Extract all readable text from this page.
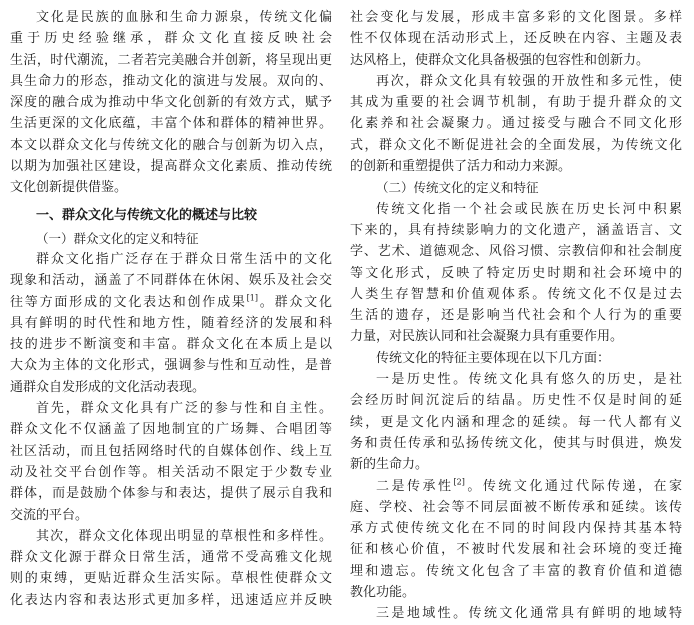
文化是民族的血脉和生命力源泉，传统文化偏
重于历史经验继承，群众文化直接反映社会
生活，时代潮流，二者若完美融合并创新，将呈现出更
具生命力的形态，推动文化的演进与发展。双向的、
深度的融合成为推动中华文化创新的有效方式，赋予
生活更深的文化底蕴，丰富个体和群体的精神世界。
本文以群众文化与传统文化的融合与创新为切入点，
以期为加强社区建设，提高群众文化素质、推动传统
文化创新提供借鉴。
一、群众文化与传统文化的概述与比较
（一）群众文化的定义和特征
群众文化指广泛存在于群众日常生活中的文化
现象和活动，涵盖了不同群体在休闲、娱乐及社会交
往等方面形成的文化表达和创作成果[1]。群众文化
具有鲜明的时代性和地方性，随着经济的发展和科
技的进步不断演变和丰富。群众文化在本质上是以
大众为主体的文化形式，强调参与性和互动性，是普
通群众自发形成的文化活动表现。
首先，群众文化具有广泛的参与性和自主性。
群众文化不仅涵盖了因地制宜的广场舞、合唱团等
社区活动，而且包括网络时代的自媒体创作、线上互
动及社交平台创作等。相关活动不限定于少数专业
群体，而是鼓励个体参与和表达，提供了展示自我和
交流的平台。
其次，群众文化体现出明显的草根性和多样性。
群众文化源于群众日常生活，通常不受高雅文化规
则的束缚，更贴近群众生活实际。草根性使群众文
化表达内容和表达形式更加多样，迅速适应并反映
社会变化与发展，形成丰富多彩的文化图景。多样
性不仅体现在活动形式上，还反映在内容、主题及表
达风格上，使群众文化具备极强的包容性和创新力。
再次，群众文化具有较强的开放性和多元性，使
其成为重要的社会调节机制，有助于提升群众的文
化素养和社会凝聚力。通过接受与融合不同文化形
式，群众文化不断促进社会的全面发展，为传统文化
的创新和重塑提供了活力和动力来源。
（二）传统文化的定义和特征
传统文化指一个社会或民族在历史长河中积累
下来的，具有持续影响力的文化遗产，涵盖语言、文
学、艺术、道德观念、风俗习惯、宗教信仰和社会制度
等文化形式，反映了特定历史时期和社会环境中的
人类生存智慧和价值观体系。传统文化不仅是过去
生活的遗存，还是影响当代社会和个人行为的重要
力量，对民族认同和社会凝聚力具有重要作用。
传统文化的特征主要体现在以下几方面：
一是历史性。传统文化具有悠久的历史，是社
会经历时间沉淀后的结晶。历史性不仅是时间的延
续，更是文化内涵和理念的延续。每一代人都有义
务和责任传承和弘扬传统文化，使其与时俱进，焕发
新的生命力。
二是传承性[2]。传统文化通过代际传递，在家
庭、学校、社会等不同层面被不断传承和延续。该传
承方式使传统文化在不同的时间段内保持其基本特
征和核心价值，不被时代发展和社会环境的变迁掩
埋和遗忘。传统文化包含了丰富的教育价值和道德
教化功能。
三是地域性。传统文化通常具有鲜明的地域特
